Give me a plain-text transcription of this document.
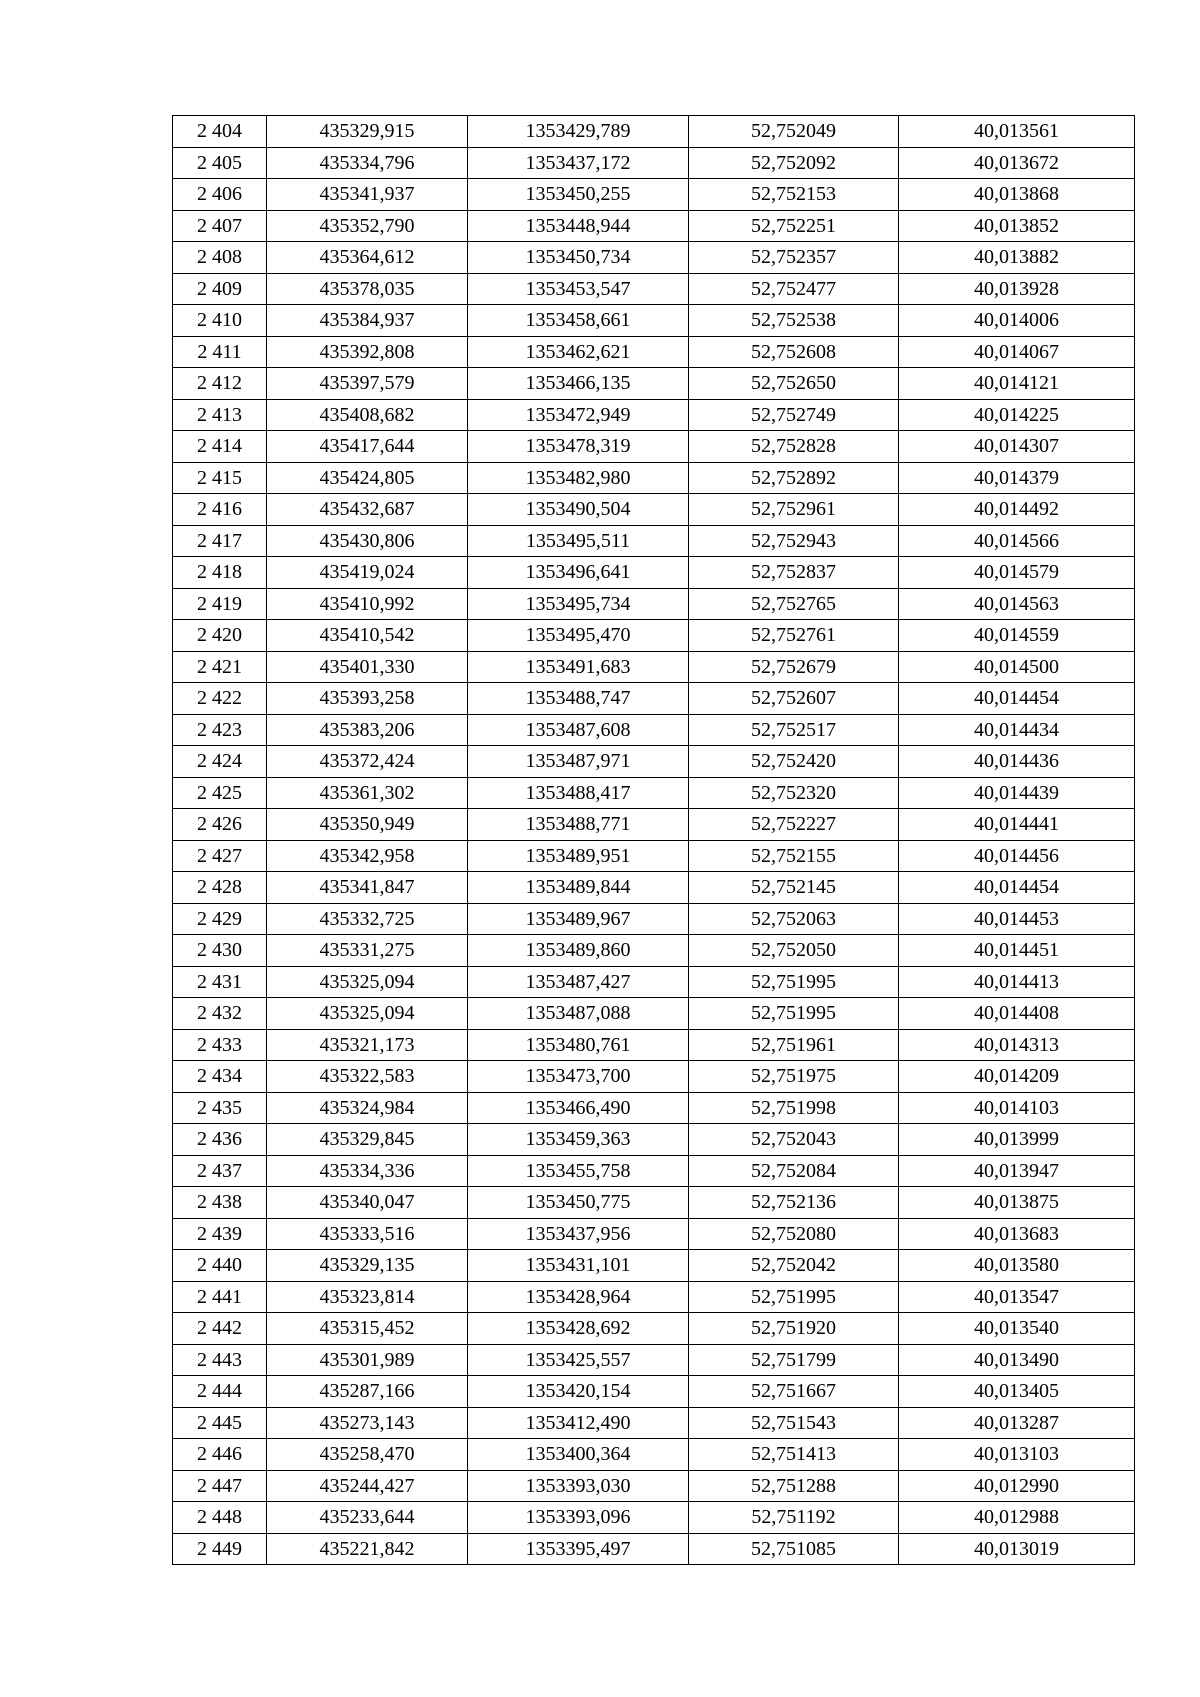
2 404	435329,915	1353429,789	52,752049	40,013561
2 405	435334,796	1353437,172	52,752092	40,013672
2 406	435341,937	1353450,255	52,752153	40,013868
2 407	435352,790	1353448,944	52,752251	40,013852
2 408	435364,612	1353450,734	52,752357	40,013882
2 409	435378,035	1353453,547	52,752477	40,013928
2 410	435384,937	1353458,661	52,752538	40,014006
2 411	435392,808	1353462,621	52,752608	40,014067
2 412	435397,579	1353466,135	52,752650	40,014121
2 413	435408,682	1353472,949	52,752749	40,014225
2 414	435417,644	1353478,319	52,752828	40,014307
2 415	435424,805	1353482,980	52,752892	40,014379
2 416	435432,687	1353490,504	52,752961	40,014492
2 417	435430,806	1353495,511	52,752943	40,014566
2 418	435419,024	1353496,641	52,752837	40,014579
2 419	435410,992	1353495,734	52,752765	40,014563
2 420	435410,542	1353495,470	52,752761	40,014559
2 421	435401,330	1353491,683	52,752679	40,014500
2 422	435393,258	1353488,747	52,752607	40,014454
2 423	435383,206	1353487,608	52,752517	40,014434
2 424	435372,424	1353487,971	52,752420	40,014436
2 425	435361,302	1353488,417	52,752320	40,014439
2 426	435350,949	1353488,771	52,752227	40,014441
2 427	435342,958	1353489,951	52,752155	40,014456
2 428	435341,847	1353489,844	52,752145	40,014454
2 429	435332,725	1353489,967	52,752063	40,014453
2 430	435331,275	1353489,860	52,752050	40,014451
2 431	435325,094	1353487,427	52,751995	40,014413
2 432	435325,094	1353487,088	52,751995	40,014408
2 433	435321,173	1353480,761	52,751961	40,014313
2 434	435322,583	1353473,700	52,751975	40,014209
2 435	435324,984	1353466,490	52,751998	40,014103
2 436	435329,845	1353459,363	52,752043	40,013999
2 437	435334,336	1353455,758	52,752084	40,013947
2 438	435340,047	1353450,775	52,752136	40,013875
2 439	435333,516	1353437,956	52,752080	40,013683
2 440	435329,135	1353431,101	52,752042	40,013580
2 441	435323,814	1353428,964	52,751995	40,013547
2 442	435315,452	1353428,692	52,751920	40,013540
2 443	435301,989	1353425,557	52,751799	40,013490
2 444	435287,166	1353420,154	52,751667	40,013405
2 445	435273,143	1353412,490	52,751543	40,013287
2 446	435258,470	1353400,364	52,751413	40,013103
2 447	435244,427	1353393,030	52,751288	40,012990
2 448	435233,644	1353393,096	52,751192	40,012988
2 449	435221,842	1353395,497	52,751085	40,013019
